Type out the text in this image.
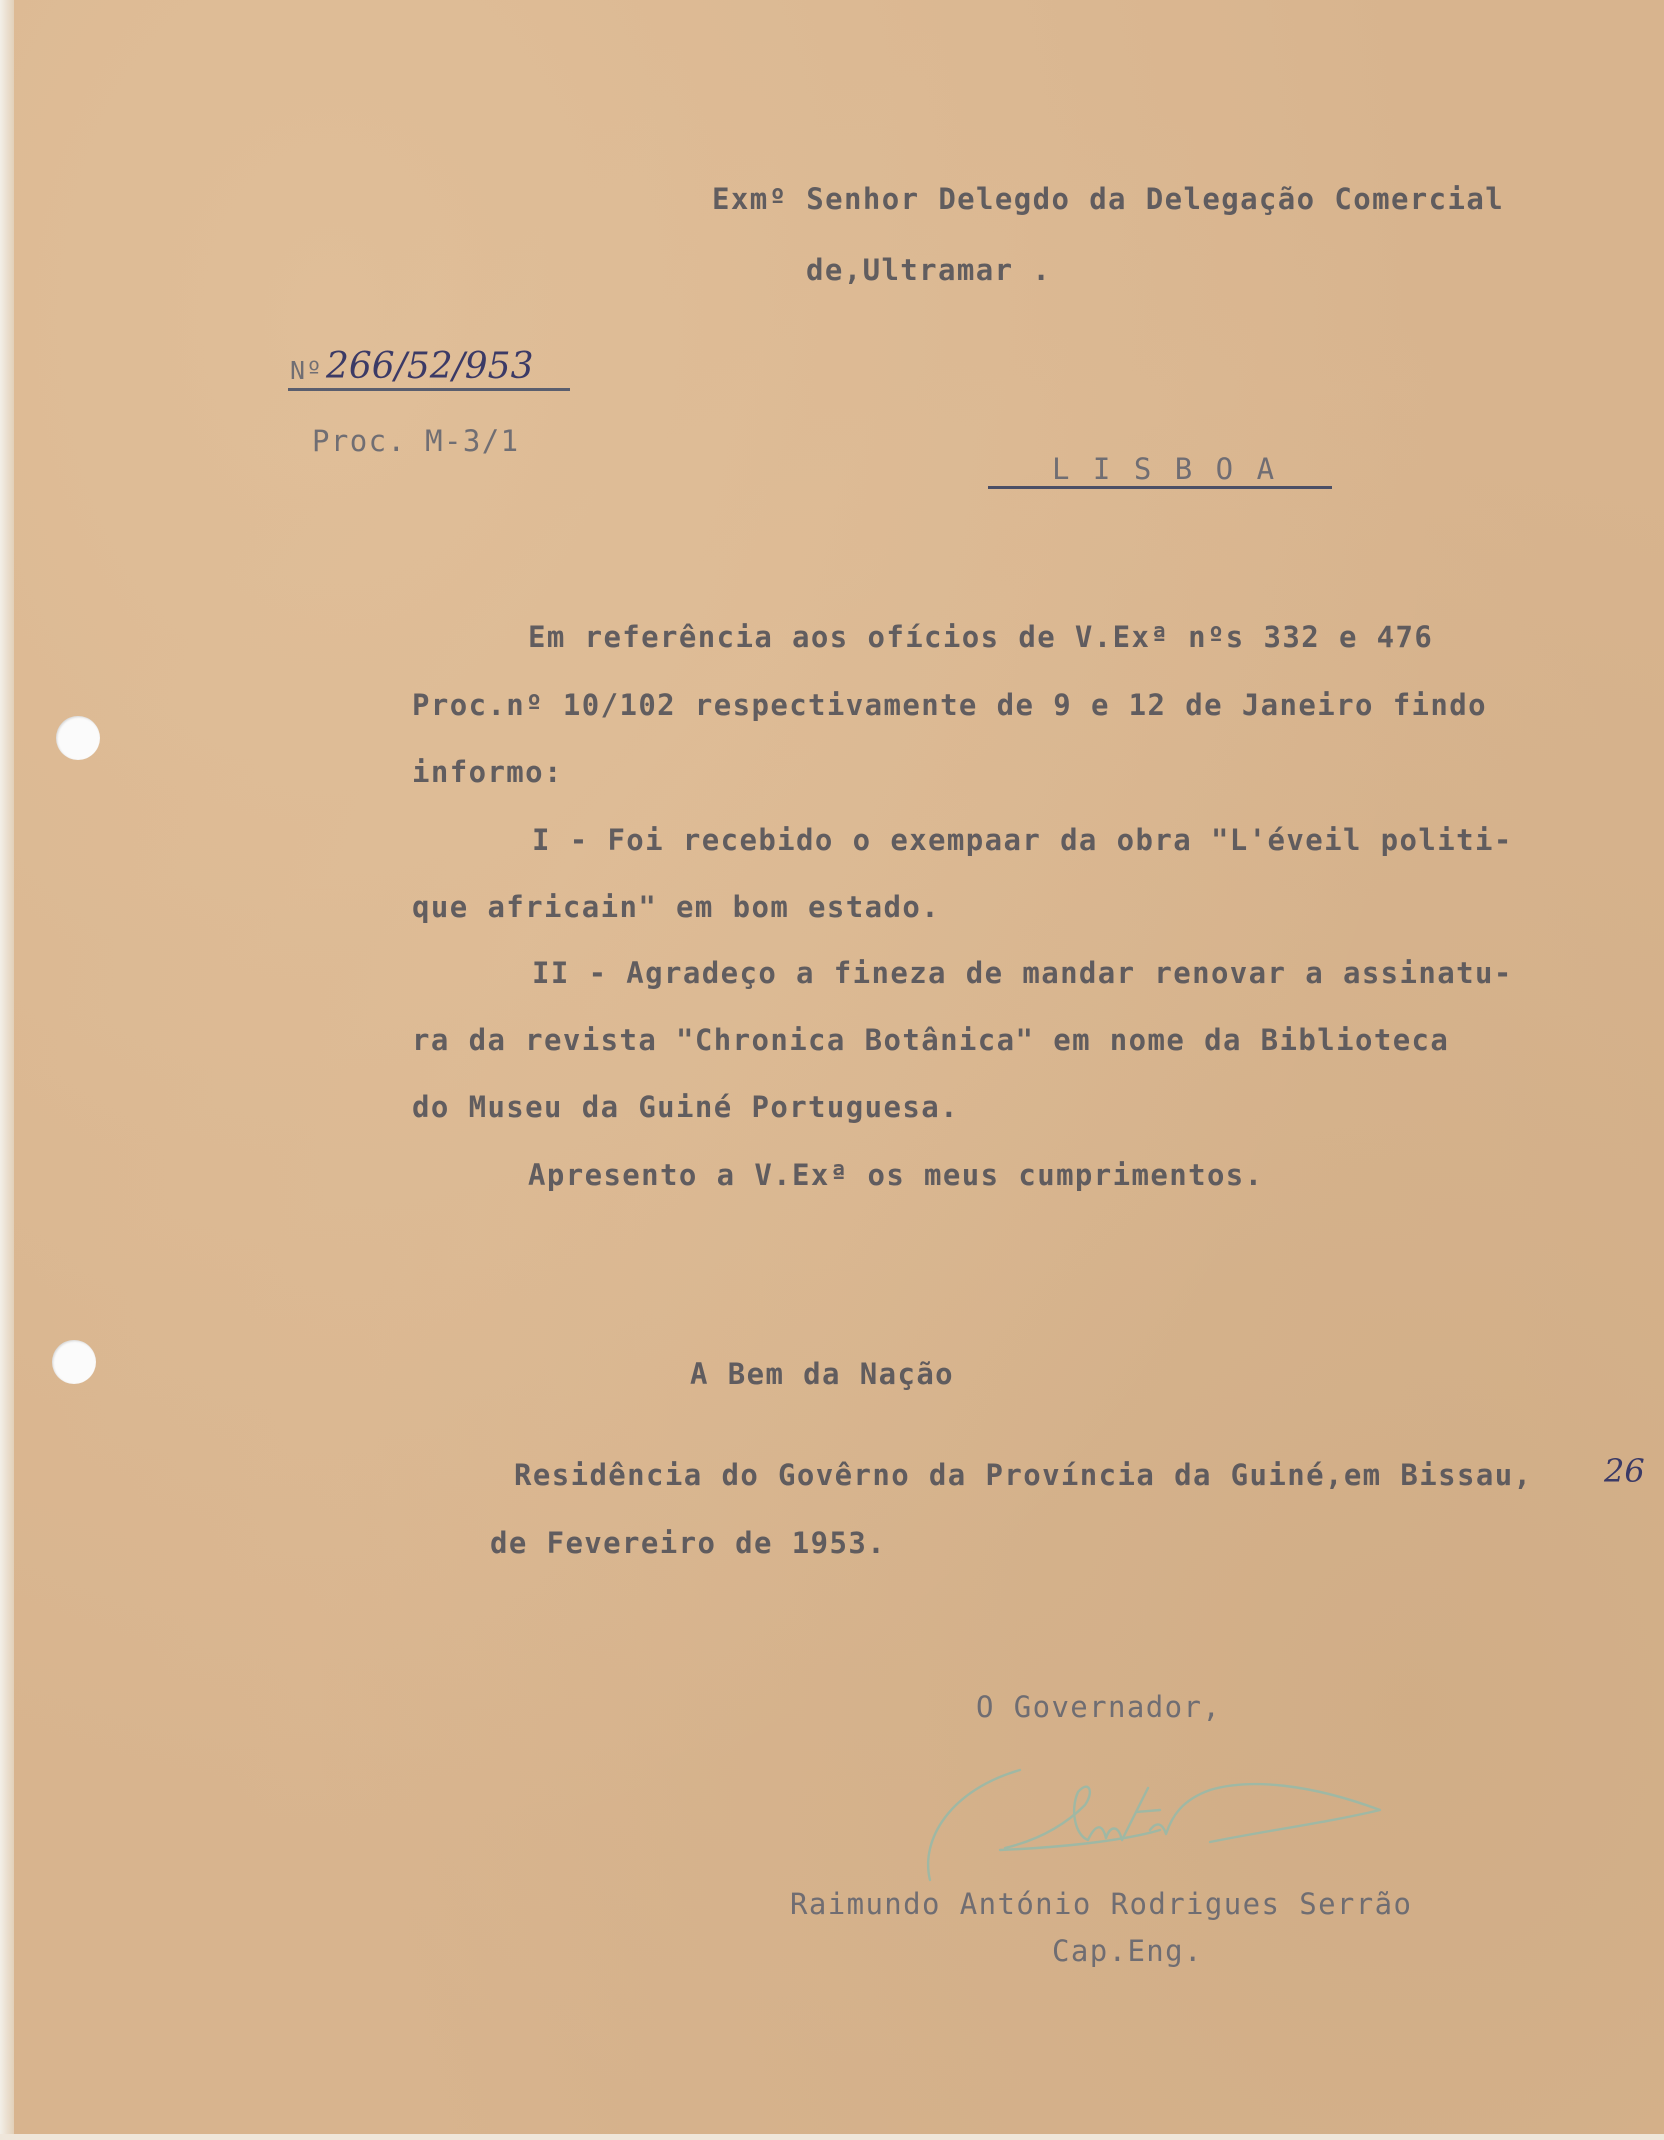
Exmº Senhor Delegdo da Delegação Comercial
de,Ultramar .
Nº 266/52/953
Proc. M-3/1
L I S B O A
Em referência aos ofícios de V.Exª nºs 332 e 476
Proc.nº 10/102 respectivamente de 9 e 12 de Janeiro findo
informo:
I - Foi recebido o exempaar da obra "L'éveil politi-
que africain" em bom estado.
II - Agradeço a fineza de mandar renovar a assinatu-
ra da revista "Chronica Botânica" em nome da Biblioteca
do Museu da Guiné Portuguesa.
Apresento a V.Exª os meus cumprimentos.
A Bem da Nação
Residência do Govêrno da Província da Guiné,em Bissau, 26
de Fevereiro de 1953.
O Governador,
Raimundo António Rodrigues Serrão
Cap.Eng.
